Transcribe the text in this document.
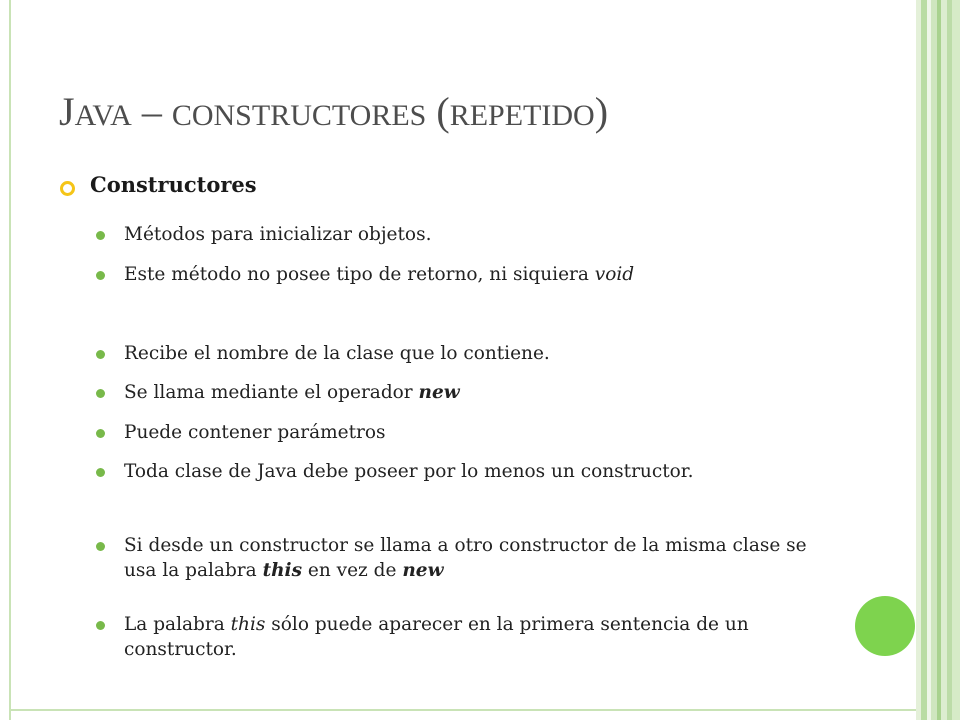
JAVA – CONSTRUCTORES (REPETIDO)
Constructores
Métodos para inicializar objetos.
Este método no posee tipo de retorno, ni siquiera void
Recibe el nombre de la clase que lo contiene.
Se llama mediante el operador new
Puede contener parámetros
Toda clase de Java debe poseer por lo menos un constructor.
Si desde un constructor se llama a otro constructor de la misma clase se usa la palabra this en vez de new
La palabra this sólo puede aparecer en la primera sentencia de un constructor.
